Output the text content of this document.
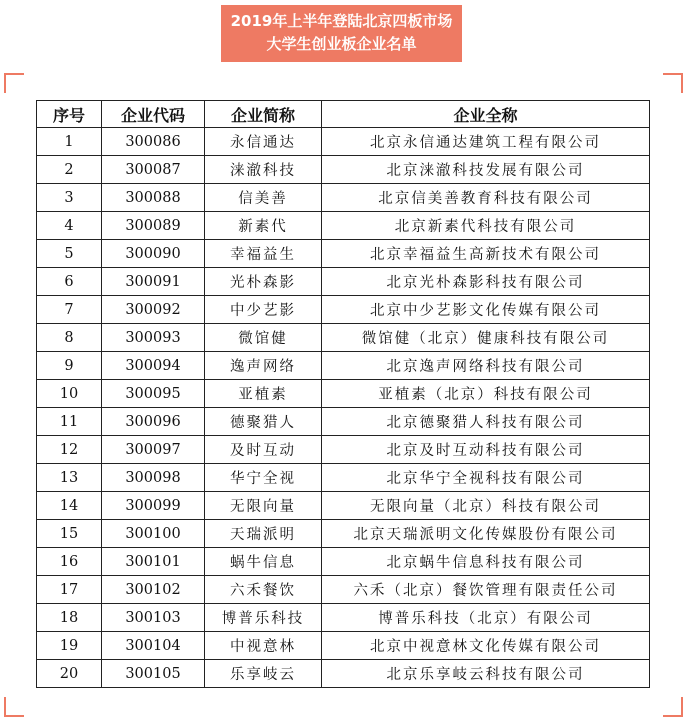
2019年上半年登陆北京四板市场
大学生创业板企业名单
序号	企业代码	企业简称	企业全称
1	300086	永信通达	北京永信通达建筑工程有限公司
2	300087	涞澈科技	北京涞澈科技发展有限公司
3	300088	信美善	北京信美善教育科技有限公司
4	300089	新素代	北京新素代科技有限公司
5	300090	幸福益生	北京幸福益生高新技术有限公司
6	300091	光朴森影	北京光朴森影科技有限公司
7	300092	中少艺影	北京中少艺影文化传媒有限公司
8	300093	微馆健	微馆健（北京）健康科技有限公司
9	300094	逸声网络	北京逸声网络科技有限公司
10	300095	亚植素	亚植素（北京）科技有限公司
11	300096	德聚猎人	北京德聚猎人科技有限公司
12	300097	及时互动	北京及时互动科技有限公司
13	300098	华宁全视	北京华宁全视科技有限公司
14	300099	无限向量	无限向量（北京）科技有限公司
15	300100	天瑞派明	北京天瑞派明文化传媒股份有限公司
16	300101	蜗牛信息	北京蜗牛信息科技有限公司
17	300102	六禾餐饮	六禾（北京）餐饮管理有限责任公司
18	300103	博普乐科技	博普乐科技（北京）有限公司
19	300104	中视意林	北京中视意林文化传媒有限公司
20	300105	乐享岐云	北京乐享岐云科技有限公司
